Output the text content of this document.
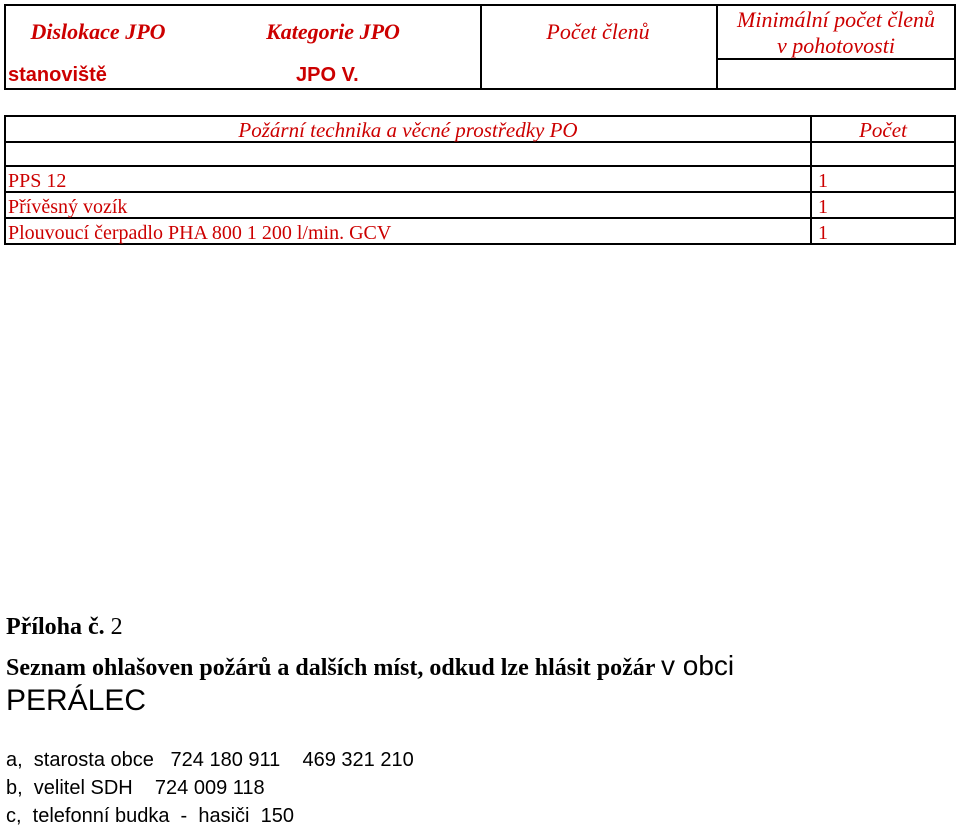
Dislokace JPO	Kategorie JPO	Počet členů	Minimální počet členů
v pohotovosti
stanoviště	JPO V.
Požární technika a věcné prostředky PO	Počet
PPS 12	1
Přívěsný vozík	1
Plouvoucí čerpadlo PHA 800 1 200 l/min. GCV	1
Příloha č. 2
Seznam ohlašoven požárů a dalších míst, odkud lze hlásit požár v obci
PERÁLEC
a,  starosta obce   724 180 911    469 321 210
b,  velitel SDH    724 009 118
c,  telefonní budka  -  hasiči  150
